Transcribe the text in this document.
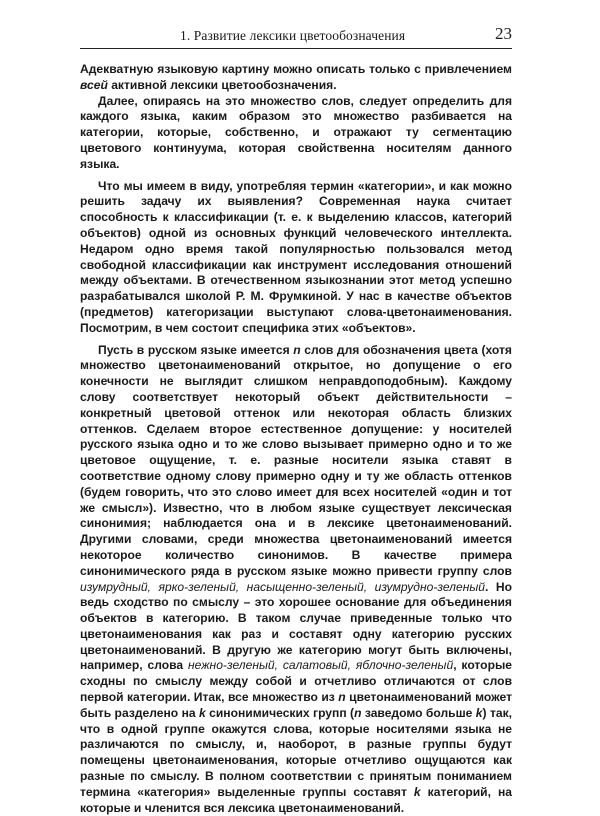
1. Развитие лексики цветообозначения	23

Адекватную языковую картину можно описать только с привлечением всей активной лексики цветообозначения.

Далее, опираясь на это множество слов, следует определить для каждого языка, каким образом это множество разбивается на категории, которые, собственно, и отражают ту сегментацию цветового континуума, которая свойственна носителям данного языка.

Что мы имеем в виду, употребляя термин «категории», и как можно решить задачу их выявления? Современная наука считает способность к классификации (т. е. к выделению классов, категорий объектов) одной из основных функций человеческого интеллекта. Недаром одно время такой популярностью пользовался метод свободной классификации как инструмент исследования отношений между объектами. В отечественном языкознании этот метод успешно разрабатывался школой Р. М. Фрумкиной. У нас в качестве объектов (предметов) категоризации выступают слова-цветонаименования. Посмотрим, в чем состоит специфика этих «объектов».

Пусть в русском языке имеется n слов для обозначения цвета (хотя множество цветонаименований открытое, но допущение о его конечности не выглядит слишком неправдоподобным). Каждому слову соответствует некоторый объект действительности – конкретный цветовой оттенок или некоторая область близких оттенков. Сделаем второе естественное допущение: у носителей русского языка одно и то же слово вызывает примерно одно и то же цветовое ощущение, т. е. разные носители языка ставят в соответствие одному слову примерно одну и ту же область оттенков (будем говорить, что это слово имеет для всех носителей «один и тот же смысл»). Известно, что в любом языке существует лексическая синонимия; наблюдается она и в лексике цветонаименований. Другими словами, среди множества цветонаименований имеется некоторое количество синонимов. В качестве примера синонимического ряда в русском языке можно привести группу слов изумрудный, ярко-зеленый, насыщенно-зеленый, изумрудно-зеленый. Но ведь сходство по смыслу – это хорошее основание для объединения объектов в категорию. В таком случае приведенные только что цветонаименования как раз и составят одну категорию русских цветонаименований. В другую же категорию могут быть включены, например, слова нежно-зеленый, салатовый, яблочно-зеленый, которые сходны по смыслу между собой и отчетливо отличаются от слов первой категории. Итак, все множество из n цветонаименований может быть разделено на k синонимических групп (n заведомо больше k) так, что в одной группе окажутся слова, которые носителями языка не различаются по смыслу, и, наоборот, в разные группы будут помещены цветонаименования, которые отчетливо ощущаются как разные по смыслу. В полном соответствии с принятым пониманием термина «категория» выделенные группы составят k категорий, на которые и членится вся лексика цветонаименований.
